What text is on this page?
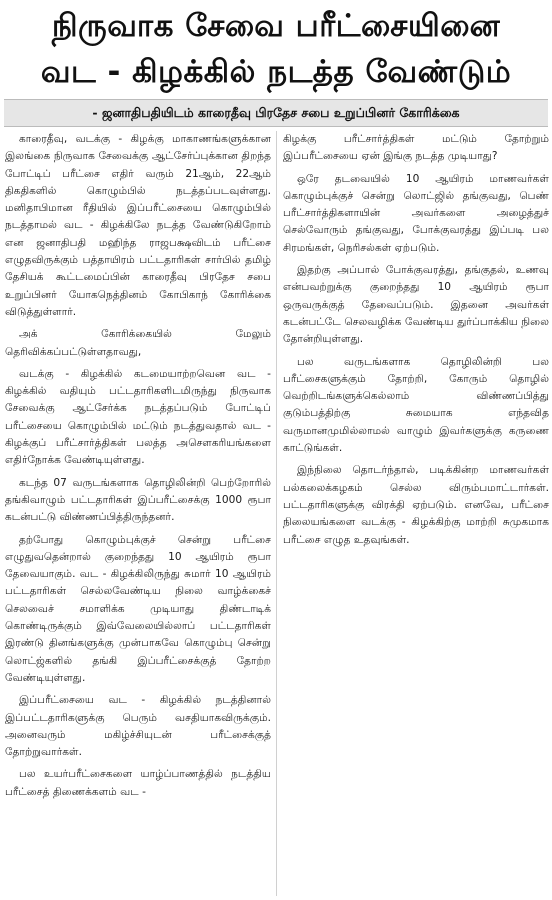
நிருவாக சேவை பரீட்சையினை
வட - கிழக்கில் நடத்த வேண்டும்
- ஜனாதிபதியிடம் காரைதீவு பிரதேச சபை உறுப்பினர் கோரிக்கை

காரைதீவு, வடக்கு - கிழக்கு மாகாணங்களுக்கான இலங்கை நிருவாக சேவைக்கு ஆட்சேர்ப்புக்கான திறந்த போட்டிப் பரீட்சை எதிர் வரும் 21ஆம், 22ஆம் திகதிகளில் கொழும்பில் நடத்தப்படவுள்ளது. மனிதாபிமான ரீதியில் இப்பரீட்சையை கொழும்பில் நடத்தாமல் வட - கிழக்கிலே நடத்த வேண்டுகிறோம் என ஜனாதிபதி மஹிந்த ராஜபக்ஷவிடம் பரீட்சை எழுதவிருக்கும் பத்தாயிரம் பட்டதாரிகள் சார்பில் தமிழ் தேசியக் கூட்டமைப்பின் காரைதீவு பிரதேச சபை உறுப்பினர் யோகநெத்தினம் கோபிகாந் கோரிக்கை விடுத்துள்ளார்.

அக் கோரிக்கையில் மேலும் தெரிவிக்கப்பட்டுள்ளதாவது,

வடக்கு - கிழக்கில் கடமையாற்றவென வட - கிழக்கில் வதியும் பட்டதாரிகளிடமிருந்து நிருவாக சேவைக்கு ஆட்சேர்க்க நடத்தப்படும் போட்டிப் பரீட்சையை கொழும்பில் மட்டும் நடத்துவதால் வட - கிழக்குப் பரீட்சார்த்திகள் பலத்த அசௌகரியங்களை எதிர்நோக்க வேண்டியுள்ளது.

கடந்த 07 வருடங்களாக தொழிலின்றி பெற்றோரில் தங்கிவாழும் பட்டதாரிகள் இப்பரீட்சைக்கு 1000 ரூபா கடன்பட்டு விண்ணப்பித்திருந்தனர்.

தற்போது கொழும்புக்குச் சென்று பரீட்சை எழுதுவதென்றால் குறைந்தது 10 ஆயிரம் ரூபா தேவையாகும். வட - கிழக்கிலிருந்து சுமார் 10 ஆயிரம் பட்டதாரிகள் செல்லவேண்டிய நிலை வாழ்க்கைச் செலவைச் சமாளிக்க முடியாது திண்டாடிக் கொண்டிருக்கும் இவ்வேலையில்லாப் பட்டதாரிகள் இரண்டு தினங்களுக்கு முன்பாகவே கொழும்பு சென்று லொட்ஜ்களில் தங்கி இப்பரீட்சைக்குத் தோற்ற வேண்டியுள்ளது.

இப்பரீட்சையை வட - கிழக்கில் நடத்தினால் இப்பட்டதாரிகளுக்கு பெரும் வசதியாகவிருக்கும். அனைவரும் மகிழ்ச்சியுடன் பரீட்சைக்குத் தோற்றுவார்கள்.

பல உயர்பரீட்சைகளை யாழ்ப்பாணத்தில் நடத்திய பரீட்சைத் திணைக்களம் வட -

கிழக்கு பரீட்சார்த்திகள் மட்டும் தோற்றும் இப்பரீட்சையை ஏன் இங்கு நடத்த முடியாது?

ஒரே தடவையில் 10 ஆயிரம் மாணவர்கள் கொழும்புக்குச் சென்று லொட்ஜில் தங்குவது, பெண் பரீட்சார்த்திகளாயின் அவர்களை அழைத்துச் செல்வோரும் தங்குவது, போக்குவரத்து இப்படி பல சிரமங்கள், நெரிசல்கள் ஏற்படும்.

இதற்கு அப்பால் போக்குவரத்து, தங்குதல், உணவு என்பவற்றுக்கு குறைந்தது 10 ஆயிரம் ரூபா ஒருவருக்குத் தேவைப்படும். இதனை அவர்கள் கடன்பட்டே செலவழிக்க வேண்டிய துர்ப்பாக்கிய நிலை தோன்றியுள்ளது.

பல வருடங்களாக தொழிலின்றி பல பரீட்சைகளுக்கும் தோற்றி, கோரும் தொழில் வெற்றிடங்களுக்கெல்லாம் விண்ணப்பித்து குடும்பத்திற்கு சுமையாக எந்தவித வருமானமுமில்லாமல் வாழும் இவர்களுக்கு கருணை காட்டுங்கள்.

இந்நிலை தொடர்ந்தால், படிக்கின்ற மாணவர்கள் பல்கலைக்கழகம் செல்ல விரும்பமாட்டார்கள். பட்டதாரிகளுக்கு விரக்தி ஏற்படும். எனவே, பரீட்சை நிலையங்களை வடக்கு - கிழக்கிற்கு மாற்றி சுமுகமாக பரீட்சை எழுத உதவுங்கள்.
